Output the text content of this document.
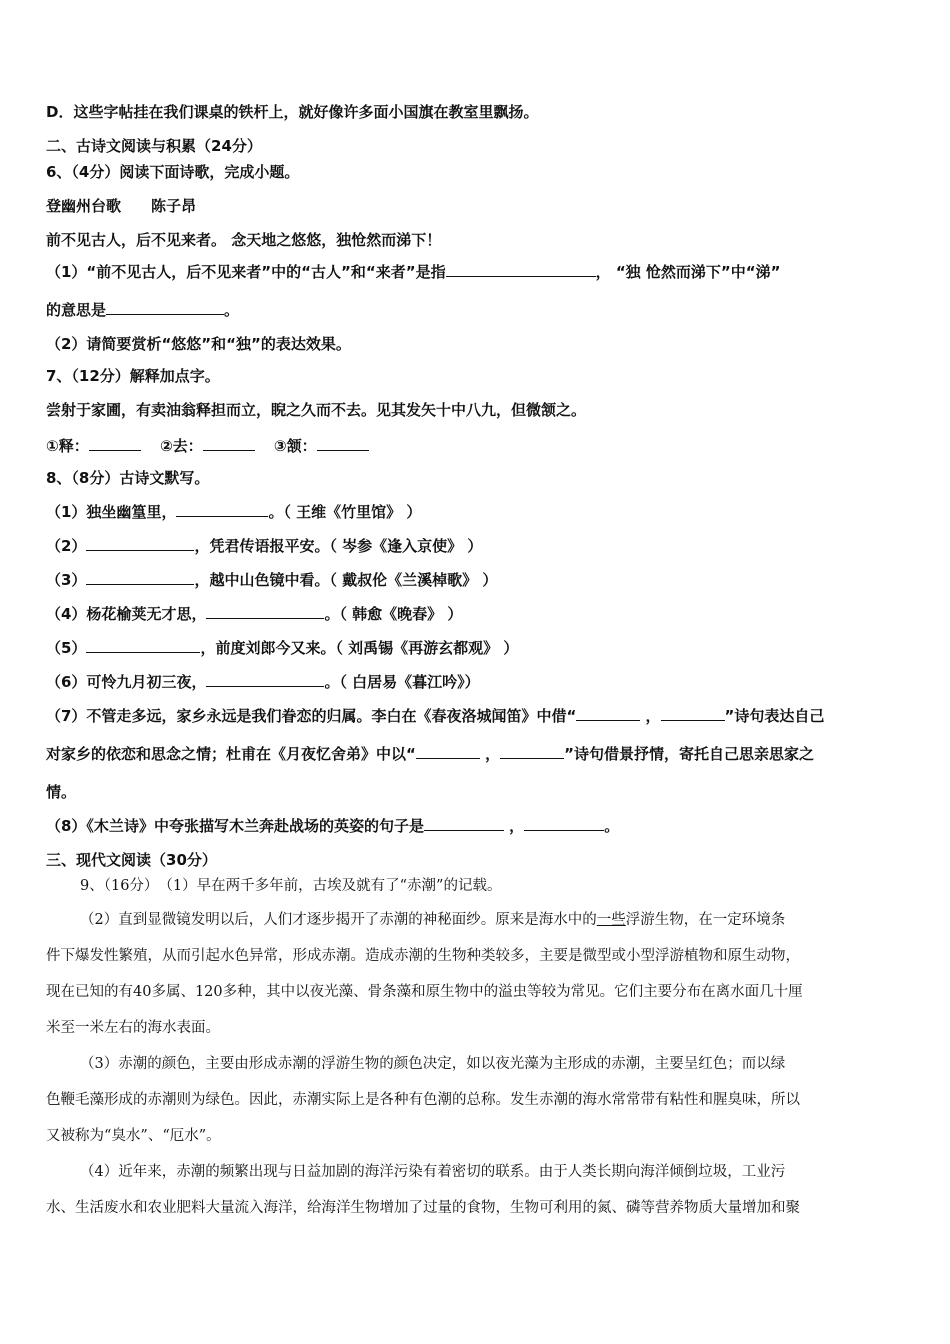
D．这些字帖挂在我们课桌的铁杆上，就好像许多面小国旗在教室里飘扬。
二、古诗文阅读与积累（24分）
6、（4分）阅读下面诗歌，完成小题。
登幽州台歌 陈子昂
前不见古人，后不见来者。 念天地之悠悠，独怆然而涕下！
（1）“前不见古人，后不见来者”中的“古人”和“来者”是指	， “独 怆然而涕下”中“涕”
的意思是	。
（2）请简要赏析“悠悠”和“独”的表达效果。
7、（12分）解释加点字。
尝射于家圃，有卖油翁释担而立，睨之久而不去。见其发矢十中八九，但微颔之。
①释：	②去：	③颔：
8、（8分）古诗文默写。
（1）独坐幽篁里，	。（ 王维《竹里馆》 ）
（2）	，凭君传语报平安。（ 岑参《逢入京使》 ）
（3）	，越中山色镜中看。（ 戴叔伦《兰溪棹歌》 ）
（4）杨花榆荚无才思，	。（ 韩愈《晚春》 ）
（5）	，前度刘郎今又来。（ 刘禹锡《再游玄都观》 ）
（6）可怜九月初三夜，	。（ 白居易《暮江吟》）
（7）不管走多远，家乡永远是我们眷恋的归属。李白在《春夜洛城闻笛》中借“	，	”诗句表达自己
对家乡的依恋和思念之情；杜甫在《月夜忆舍弟》中以“	，	”诗句借景抒情，寄托自己思亲思家之
情。
（8）《木兰诗》中夸张描写木兰奔赴战场的英姿的句子是	，	。
三、现代文阅读（30分）
9、（16分）　（1）早在两千多年前，古埃及就有了“赤潮”的记载。
（2）直到显微镜发明以后，人们才逐步揭开了赤潮的神秘面纱。原来是海水中的一些浮游生物，在一定环境条
件下爆发性繁殖，从而引起水色异常，形成赤潮。造成赤潮的生物种类较多，主要是微型或小型浮游植物和原生动物，
现在已知的有40多属、120多种，其中以夜光藻、骨条藻和原生物中的溢虫等较为常见。它们主要分布在离水面几十厘
米至一米左右的海水表面。
（3）赤潮的颜色，主要由形成赤潮的浮游生物的颜色决定，如以夜光藻为主形成的赤潮，主要呈红色；而以绿
色鞭毛藻形成的赤潮则为绿色。因此，赤潮实际上是各种有色潮的总称。发生赤潮的海水常常带有粘性和腥臭味，所以
又被称为“臭水”、“厄水”。
（4）近年来，赤潮的频繁出现与日益加剧的海洋污染有着密切的联系。由于人类长期向海洋倾倒垃圾，工业污
水、生活废水和农业肥料大量流入海洋，给海洋生物增加了过量的食物，生物可利用的氮、磷等营养物质大量增加和聚
